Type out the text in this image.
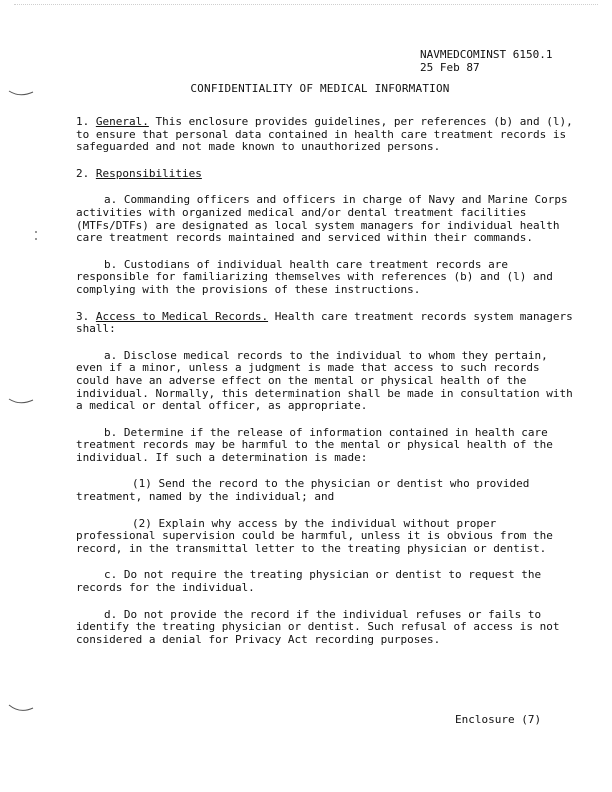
NAVMEDCOMINST 6150.1
25 Feb 87
CONFIDENTIALITY OF MEDICAL INFORMATION

1. General. This enclosure provides guidelines, per references (b) and (l), to ensure that personal data contained in health care treatment records is safeguarded and not made known to unauthorized persons.

2. Responsibilities

a. Commanding officers and officers in charge of Navy and Marine Corps activities with organized medical and/or dental treatment facilities (MTFs/DTFs) are designated as local system managers for individual health care treatment records maintained and serviced within their commands.

b. Custodians of individual health care treatment records are responsible for familiarizing themselves with references (b) and (l) and complying with the provisions of these instructions.

3. Access to Medical Records. Health care treatment records system managers shall:

a. Disclose medical records to the individual to whom they pertain, even if a minor, unless a judgment is made that access to such records could have an adverse effect on the mental or physical health of the individual. Normally, this determination shall be made in consultation with a medical or dental officer, as appropriate.

b. Determine if the release of information contained in health care treatment records may be harmful to the mental or physical health of the individual. If such a determination is made:

(1) Send the record to the physician or dentist who provided treatment, named by the individual; and

(2) Explain why access by the individual without proper professional supervision could be harmful, unless it is obvious from the record, in the transmittal letter to the treating physician or dentist.

c. Do not require the treating physician or dentist to request the records for the individual.

d. Do not provide the record if the individual refuses or fails to identify the treating physician or dentist. Such refusal of access is not considered a denial for Privacy Act recording purposes.

Enclosure (7)
